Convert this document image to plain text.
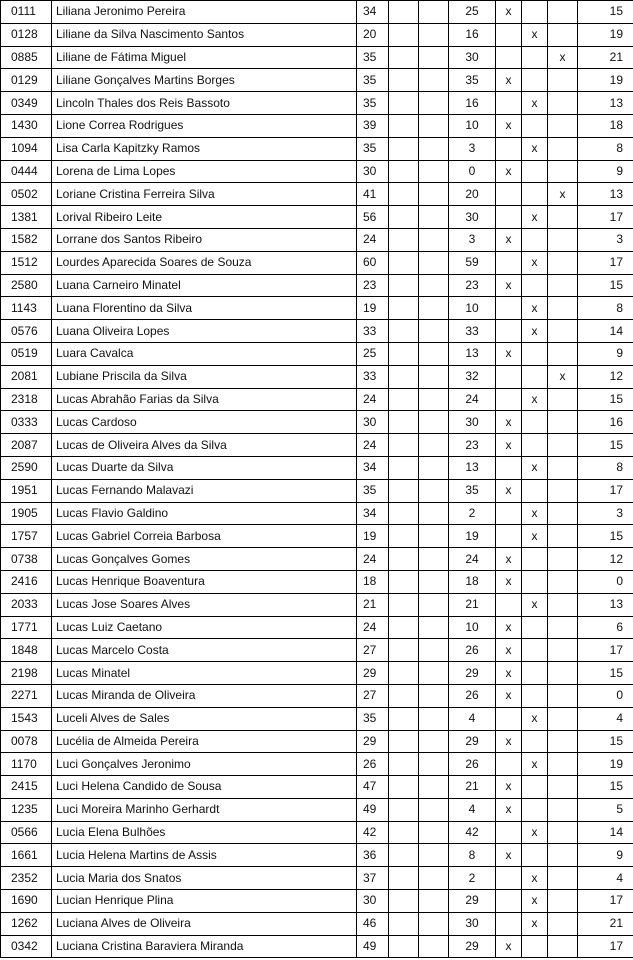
0111	Liliana Jeronimo Pereira	34			25	x			15
0128	Liliane da Silva Nascimento Santos	20			16		x		19
0885	Liliane de Fátima Miguel	35			30			x	21
0129	Liliane Gonçalves Martins Borges	35			35	x			19
0349	Lincoln Thales dos Reis Bassoto	35			16		x		13
1430	Lione Correa Rodrigues	39			10	x			18
1094	Lisa Carla Kapitzky Ramos	35			3		x		8
0444	Lorena de Lima Lopes	30			0	x			9
0502	Loriane Cristina Ferreira Silva	41			20			x	13
1381	Lorival Ribeiro Leite	56			30		x		17
1582	Lorrane dos Santos Ribeiro	24			3	x			3
1512	Lourdes Aparecida Soares de Souza	60			59		x		17
2580	Luana Carneiro Minatel	23			23	x			15
1143	Luana Florentino da Silva	19			10		x		8
0576	Luana Oliveira Lopes	33			33		x		14
0519	Luara Cavalca	25			13	x			9
2081	Lubiane Priscila da Silva	33			32			x	12
2318	Lucas Abrahão Farias da Silva	24			24		x		15
0333	Lucas Cardoso	30			30	x			16
2087	Lucas de Oliveira Alves da Silva	24			23	x			15
2590	Lucas Duarte da Silva	34			13		x		8
1951	Lucas Fernando Malavazi	35			35	x			17
1905	Lucas Flavio Galdino	34			2		x		3
1757	Lucas Gabriel Correia Barbosa	19			19		x		15
0738	Lucas Gonçalves Gomes	24			24	x			12
2416	Lucas Henrique Boaventura	18			18	x			0
2033	Lucas Jose Soares Alves	21			21		x		13
1771	Lucas Luiz Caetano	24			10	x			6
1848	Lucas Marcelo Costa	27			26	x			17
2198	Lucas Minatel	29			29	x			15
2271	Lucas Miranda de Oliveira	27			26	x			0
1543	Luceli Alves de Sales	35			4		x		4
0078	Lucélia de Almeida Pereira	29			29	x			15
1170	Luci Gonçalves Jeronimo	26			26		x		19
2415	Luci Helena Candido de Sousa	47			21	x			15
1235	Luci Moreira Marinho Gerhardt	49			4	x			5
0566	Lucia Elena Bulhões	42			42		x		14
1661	Lucia Helena Martins de Assis	36			8	x			9
2352	Lucia Maria dos Snatos	37			2		x		4
1690	Lucian Henrique Plina	30			29		x		17
1262	Luciana Alves de Oliveira	46			30		x		21
0342	Luciana Cristina Baraviera Miranda	49			29	x			17
